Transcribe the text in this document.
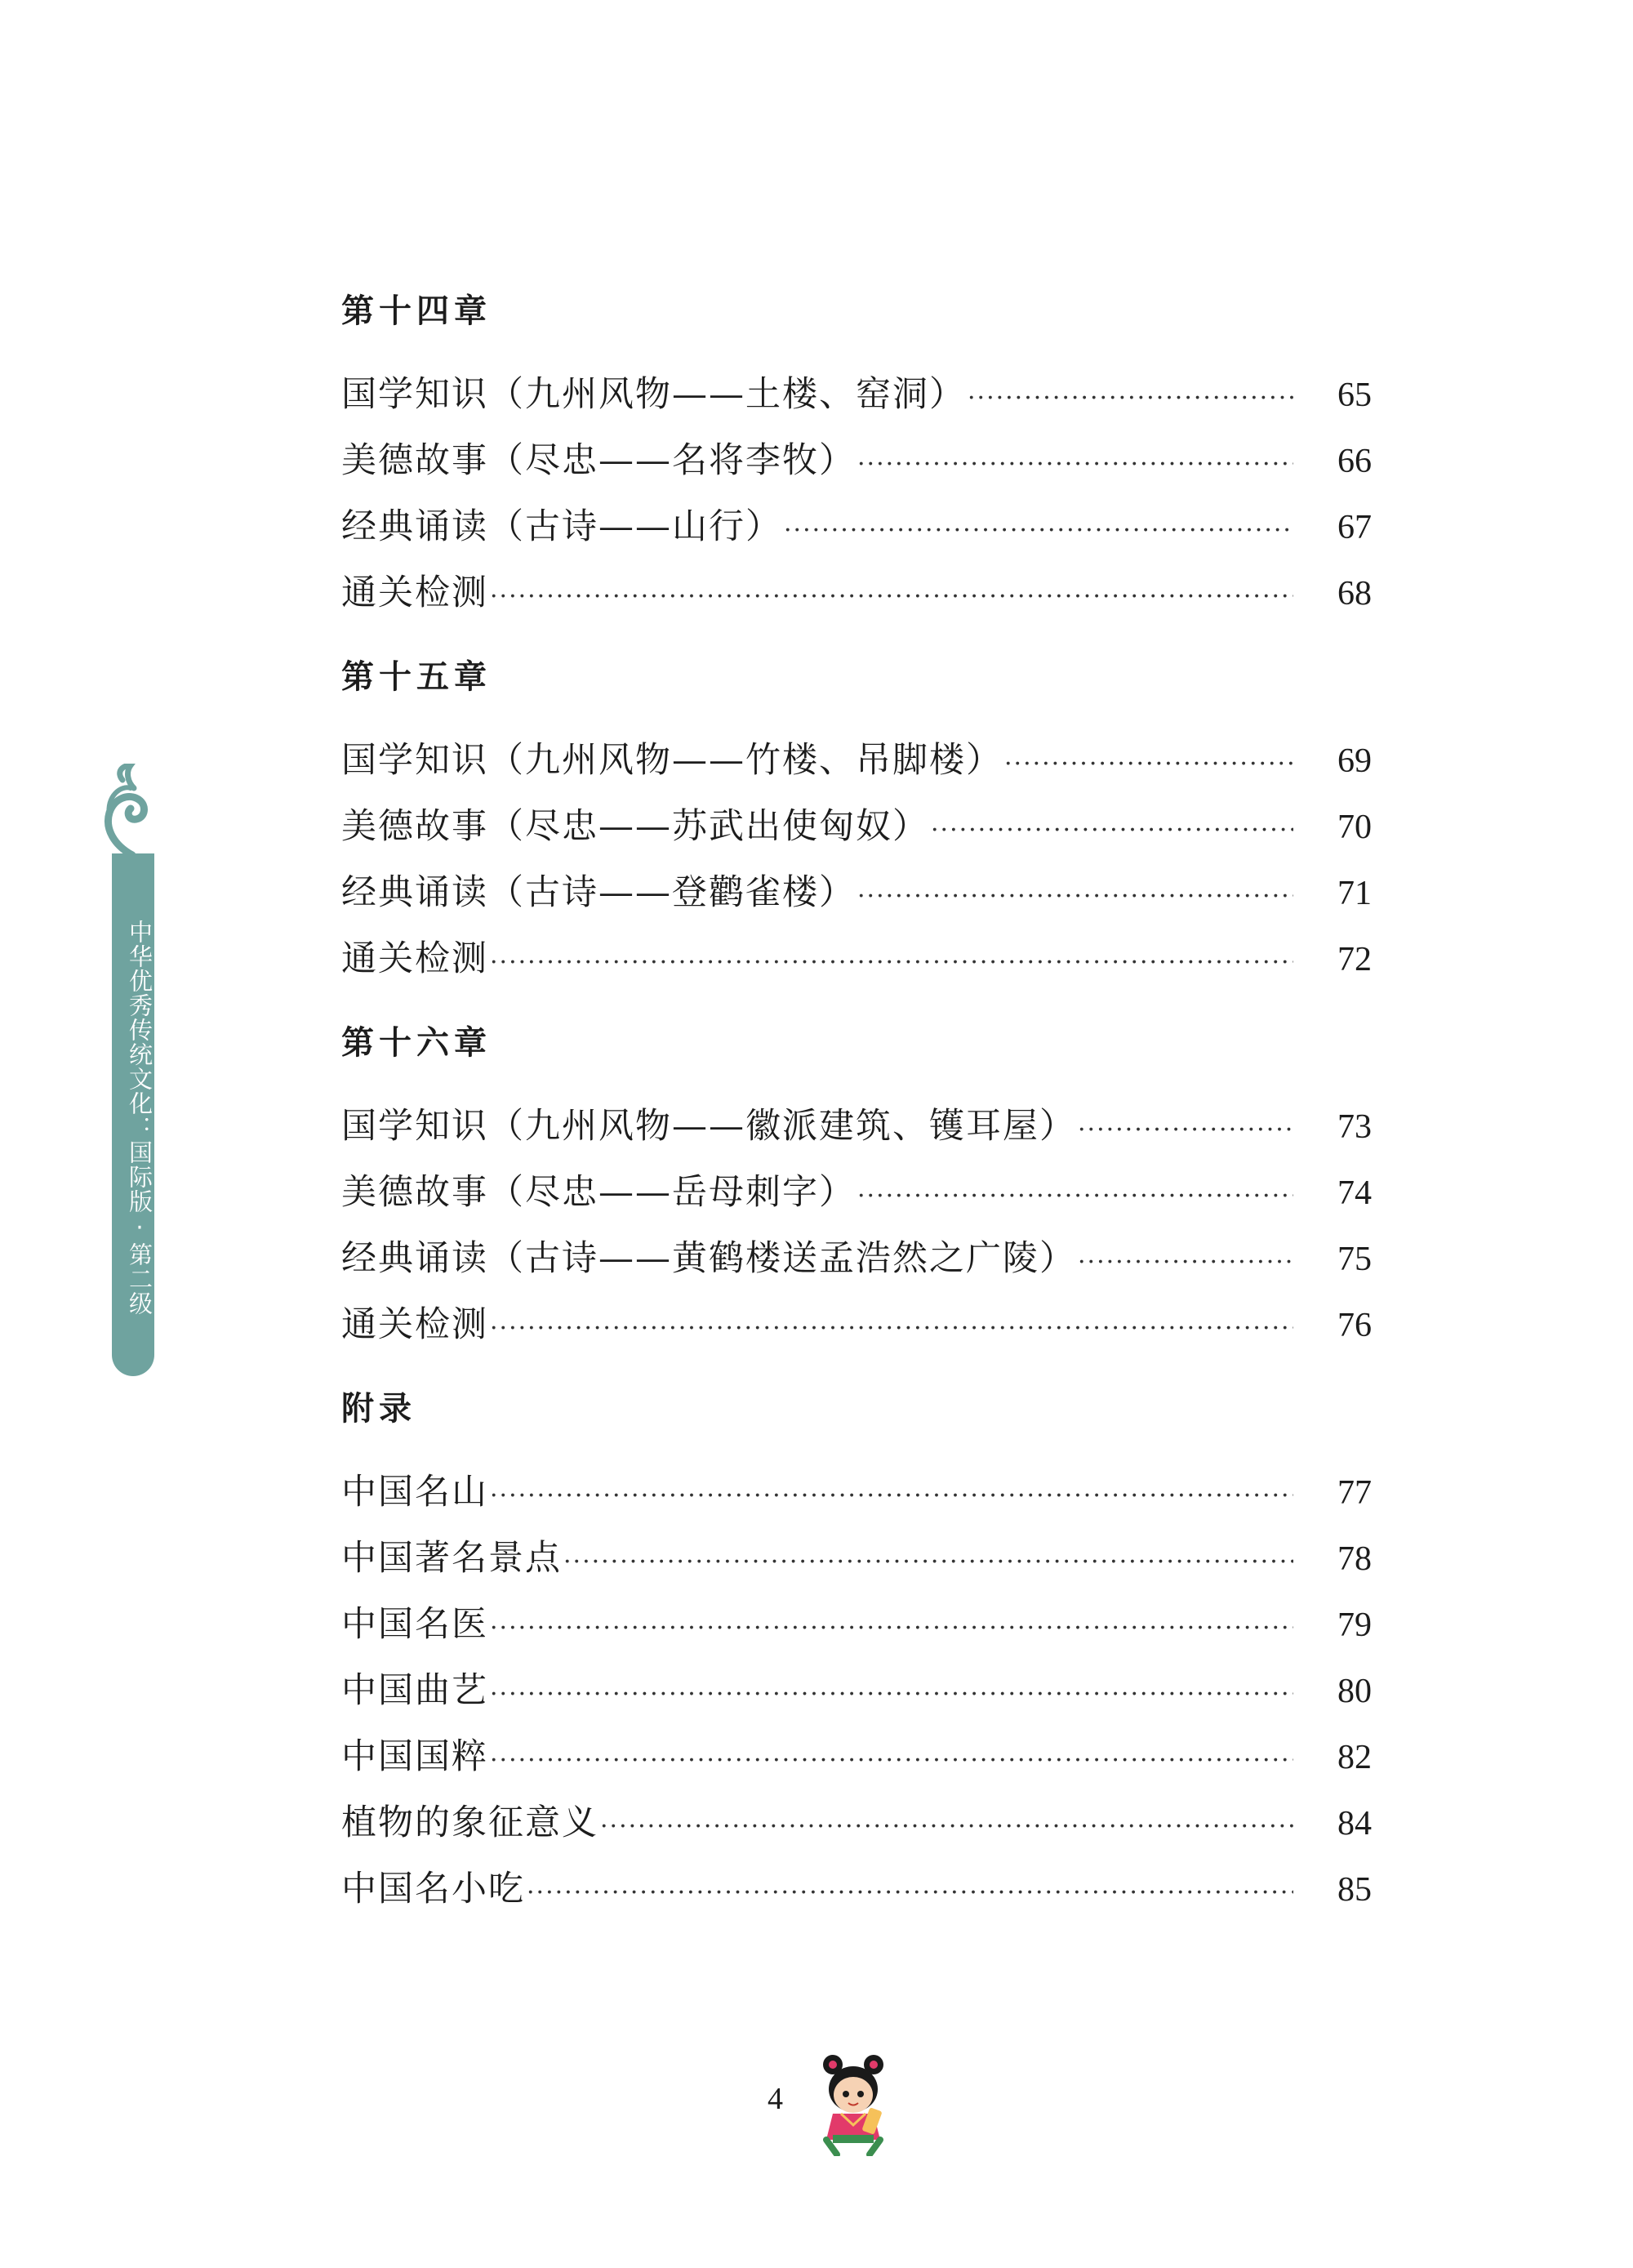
第十四章
国学知识（九州风物——土楼、窑洞） ·····	65
美德故事（尽忠——名将李牧） ·····	66
经典诵读（古诗——山行） ·····	67
通关检测 ·····	68
第十五章
国学知识（九州风物——竹楼、吊脚楼） ·····	69
美德故事（尽忠——苏武出使匈奴） ·····	70
经典诵读（古诗——登鹳雀楼） ·····	71
通关检测 ·····	72
第十六章
国学知识（九州风物——徽派建筑、镬耳屋） ·····	73
美德故事（尽忠——岳母刺字） ·····	74
经典诵读（古诗——黄鹤楼送孟浩然之广陵） ·····	75
通关检测 ·····	76
附录
中国名山 ·····	77
中国著名景点 ·····	78
中国名医 ·····	79
中国曲艺 ·····	80
中国国粹 ·····	82
植物的象征意义 ·····	84
中国名小吃 ·····	85
中华优秀传统文化：国际版·第二级
4
